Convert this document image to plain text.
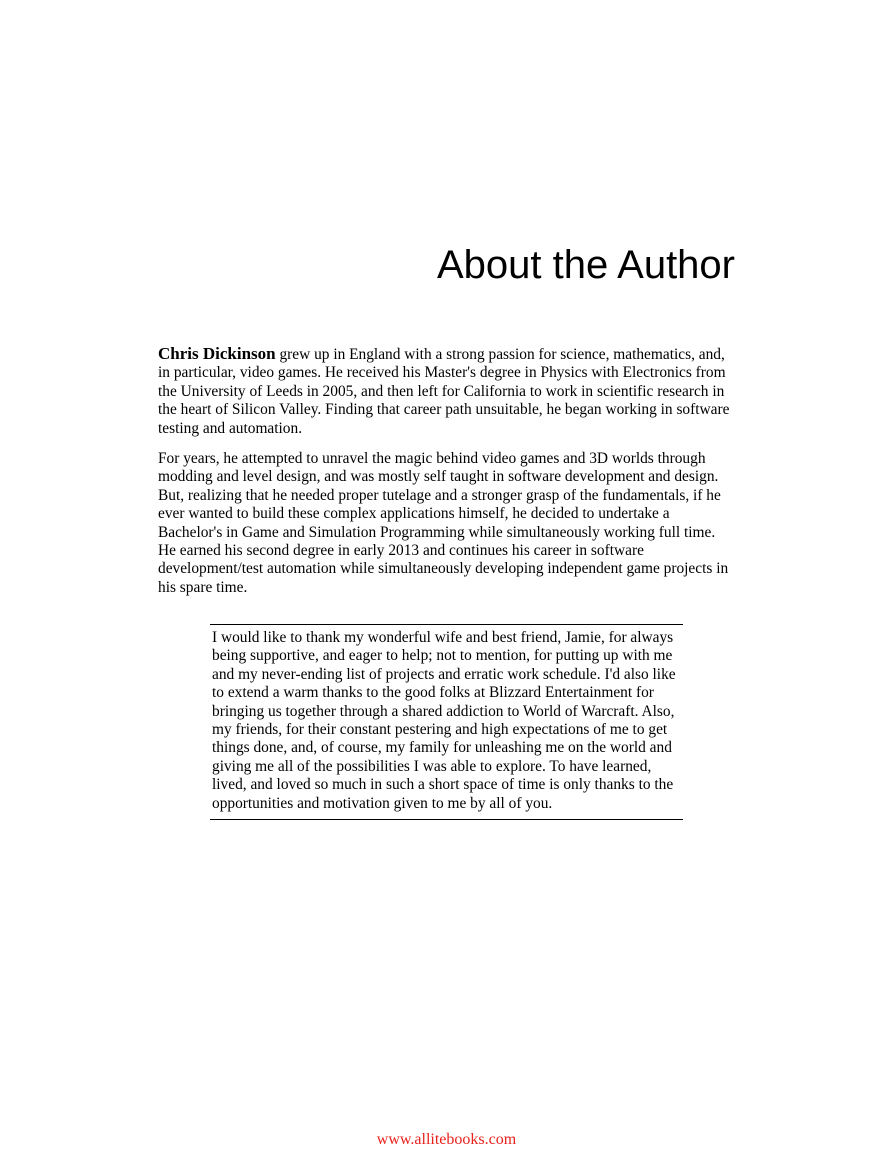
About the Author

Chris Dickinson grew up in England with a strong passion for science, mathematics, and, in particular, video games. He received his Master's degree in Physics with Electronics from the University of Leeds in 2005, and then left for California to work in scientific research in the heart of Silicon Valley. Finding that career path unsuitable, he began working in software testing and automation.

For years, he attempted to unravel the magic behind video games and 3D worlds through modding and level design, and was mostly self taught in software development and design. But, realizing that he needed proper tutelage and a stronger grasp of the fundamentals, if he ever wanted to build these complex applications himself, he decided to undertake a Bachelor's in Game and Simulation Programming while simultaneously working full time. He earned his second degree in early 2013 and continues his career in software development/test automation while simultaneously developing independent game projects in his spare time.

I would like to thank my wonderful wife and best friend, Jamie, for always being supportive, and eager to help; not to mention, for putting up with me and my never-ending list of projects and erratic work schedule. I'd also like to extend a warm thanks to the good folks at Blizzard Entertainment for bringing us together through a shared addiction to World of Warcraft. Also, my friends, for their constant pestering and high expectations of me to get things done, and, of course, my family for unleashing me on the world and giving me all of the possibilities I was able to explore. To have learned, lived, and loved so much in such a short space of time is only thanks to the opportunities and motivation given to me by all of you.

www.allitebooks.com
